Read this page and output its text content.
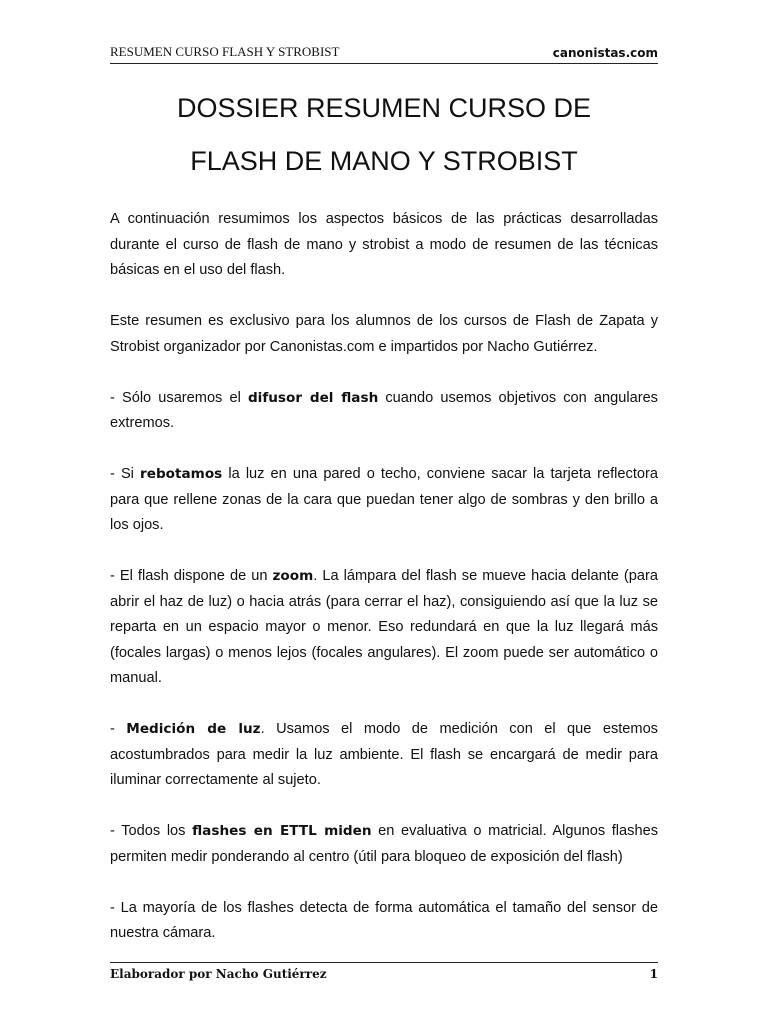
RESUMEN CURSO FLASH Y STROBIST	canonistas.com
DOSSIER RESUMEN CURSO DE
FLASH DE MANO Y STROBIST

A continuación resumimos los aspectos básicos de las prácticas desarrolladas durante el curso de flash de mano y strobist a modo de resumen de las técnicas básicas en el uso del flash.

Este resumen es exclusivo para los alumnos de los cursos de Flash de Zapata y Strobist organizador por Canonistas.com e impartidos por Nacho Gutiérrez.

- Sólo usaremos el difusor del flash cuando usemos objetivos con angulares extremos.

- Si rebotamos la luz en una pared o techo, conviene sacar la tarjeta reflectora para que rellene zonas de la cara que puedan tener algo de sombras y den brillo a los ojos.

- El flash dispone de un zoom. La lámpara del flash se mueve hacia delante (para abrir el haz de luz) o hacia atrás (para cerrar el haz), consiguiendo así que la luz se reparta en un espacio mayor o menor. Eso redundará en que la luz llegará más (focales largas) o menos lejos (focales angulares). El zoom puede ser automático o manual.

- Medición de luz. Usamos el modo de medición con el que estemos acostumbrados para medir la luz ambiente. El flash se encargará de medir para iluminar correctamente al sujeto.

- Todos los flashes en ETTL miden en evaluativa o matricial. Algunos flashes permiten medir ponderando al centro (útil para bloqueo de exposición del flash)

- La mayoría de los flashes detecta de forma automática el tamaño del sensor de nuestra cámara.

Elaborador por Nacho Gutiérrez	1
